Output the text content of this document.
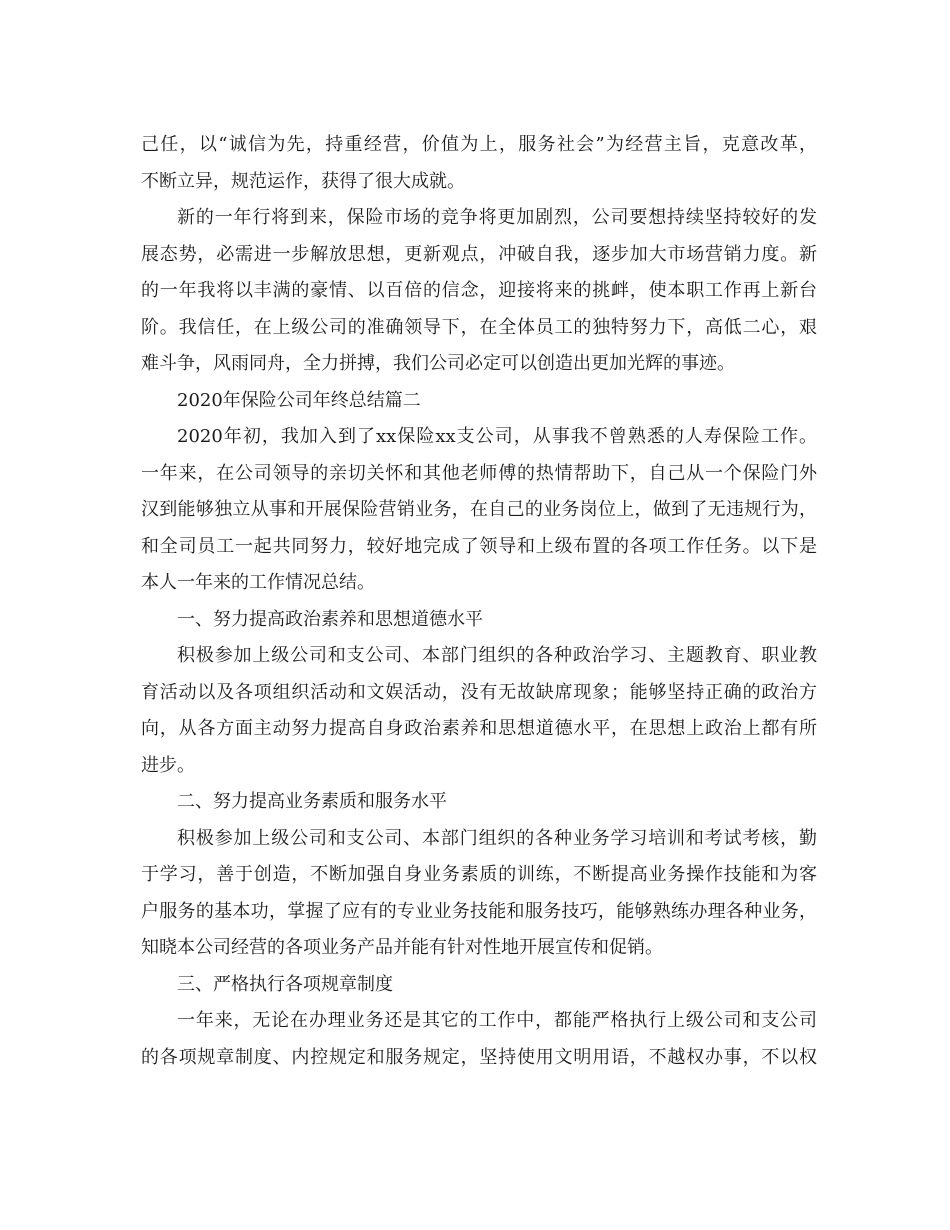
己任，以“诚信为先，持重经营，价值为上，服务社会”为经营主旨，克意改革，
不断立异，规范运作，获得了很大成就。
新的一年行将到来，保险市场的竞争将更加剧烈，公司要想持续坚持较好的发
展态势，必需进一步解放思想，更新观点，冲破自我，逐步加大市场营销力度。新
的一年我将以丰满的豪情、以百倍的信念，迎接将来的挑衅，使本职工作再上新台
阶。我信任，在上级公司的准确领导下，在全体员工的独特努力下，高低二心，艰
难斗争，风雨同舟，全力拼搏，我们公司必定可以创造出更加光辉的事迹。
2020年保险公司年终总结篇二
2020年初，我加入到了xx保险xx支公司，从事我不曾熟悉的人寿保险工作。
一年来，在公司领导的亲切关怀和其他老师傅的热情帮助下，自己从一个保险门外
汉到能够独立从事和开展保险营销业务，在自己的业务岗位上，做到了无违规行为，
和全司员工一起共同努力，较好地完成了领导和上级布置的各项工作任务。以下是
本人一年来的工作情况总结。
一、努力提高政治素养和思想道德水平
积极参加上级公司和支公司、本部门组织的各种政治学习、主题教育、职业教
育活动以及各项组织活动和文娱活动，没有无故缺席现象；能够坚持正确的政治方
向，从各方面主动努力提高自身政治素养和思想道德水平，在思想上政治上都有所
进步。
二、努力提高业务素质和服务水平
积极参加上级公司和支公司、本部门组织的各种业务学习培训和考试考核，勤
于学习，善于创造，不断加强自身业务素质的训练，不断提高业务操作技能和为客
户服务的基本功，掌握了应有的专业业务技能和服务技巧，能够熟练办理各种业务，
知晓本公司经营的各项业务产品并能有针对性地开展宣传和促销。
三、严格执行各项规章制度
一年来，无论在办理业务还是其它的工作中，都能严格执行上级公司和支公司
的各项规章制度、内控规定和服务规定，坚持使用文明用语，不越权办事，不以权
